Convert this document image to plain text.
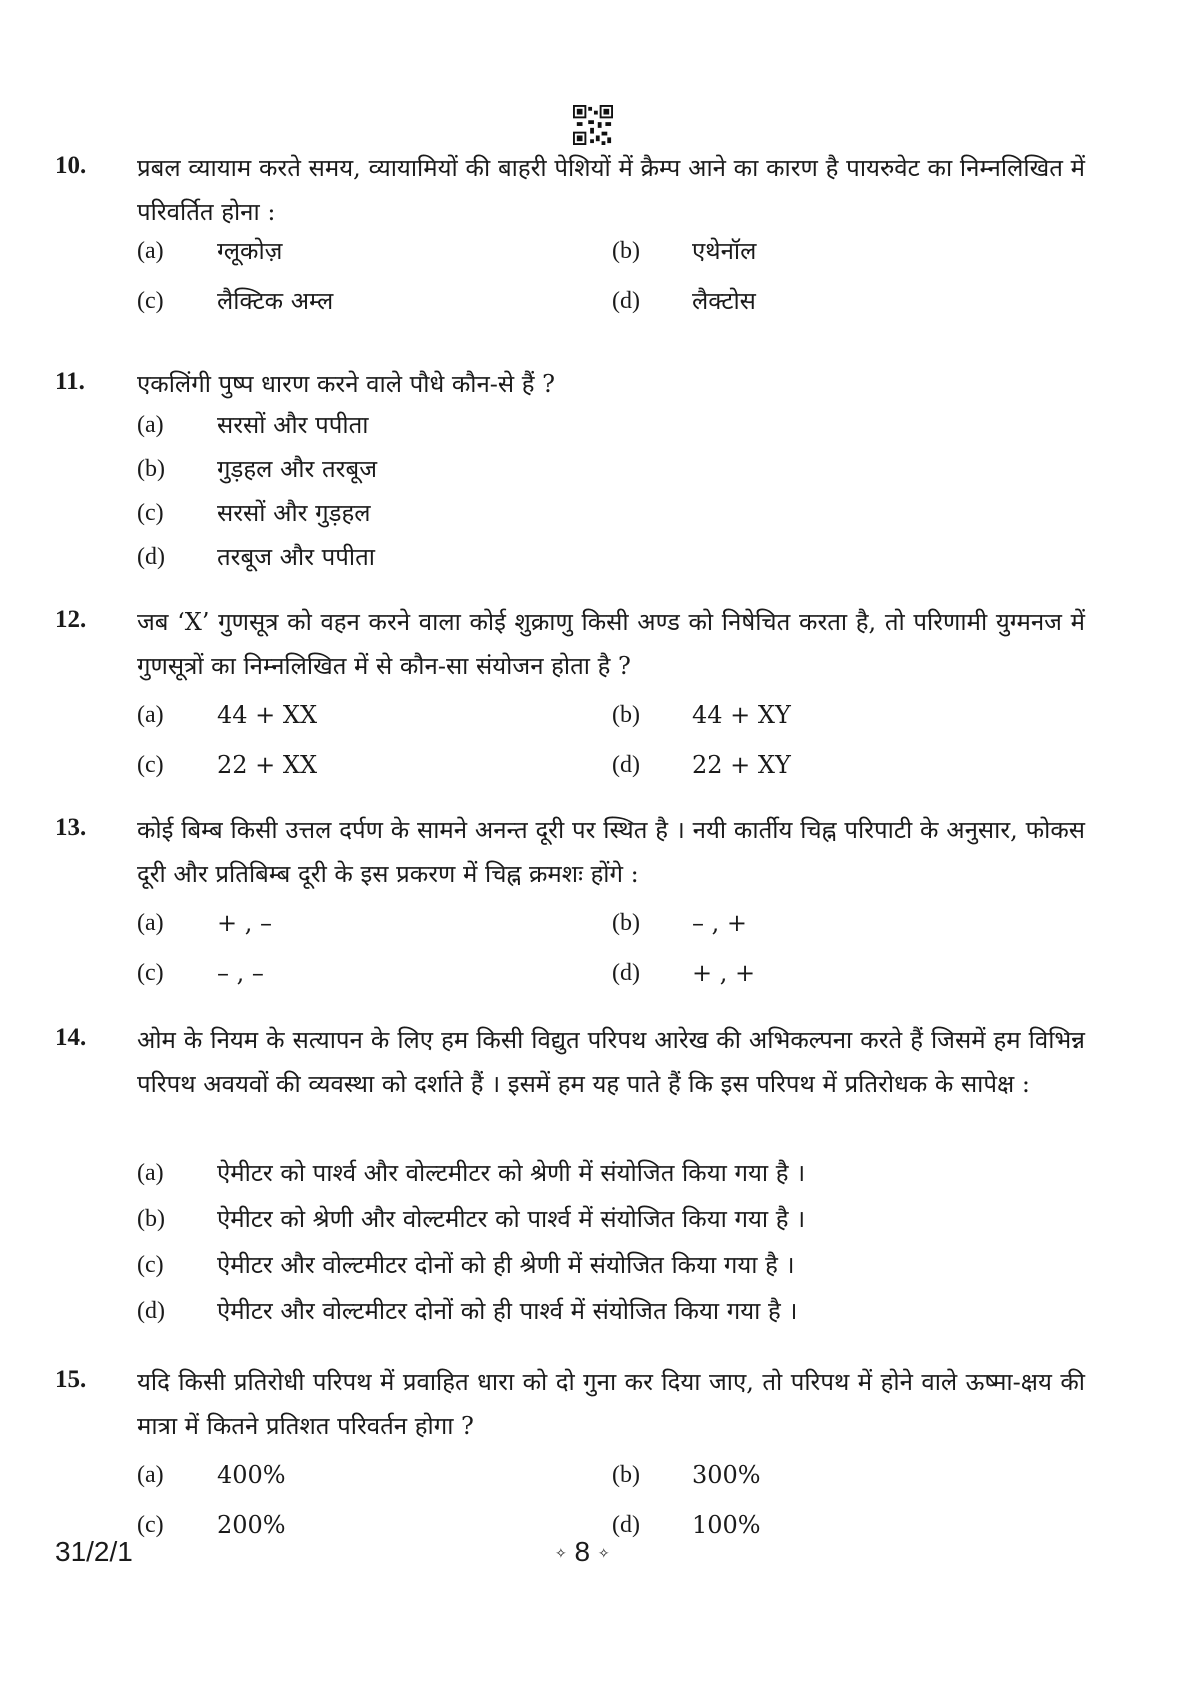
10. प्रबल व्यायाम करते समय, व्यायामियों की बाहरी पेशियों में क्रैम्प आने का कारण है पायरुवेट का निम्नलिखित में परिवर्तित होना :
(a) ग्लूकोज़	(b) एथेनॉल
(c) लैक्टिक अम्ल	(d) लैक्टोस
11. एकलिंगी पुष्प धारण करने वाले पौधे कौन-से हैं ?
(a) सरसों और पपीता
(b) गुड़हल और तरबूज
(c) सरसों और गुड़हल
(d) तरबूज और पपीता
12. जब ‘X’ गुणसूत्र को वहन करने वाला कोई शुक्राणु किसी अण्ड को निषेचित करता है, तो परिणामी युग्मनज में गुणसूत्रों का निम्नलिखित में से कौन-सा संयोजन होता है ?
(a) 44 + XX	(b) 44 + XY
(c) 22 + XX	(d) 22 + XY
13. कोई बिम्ब किसी उत्तल दर्पण के सामने अनन्त दूरी पर स्थित है । नयी कार्तीय चिह्न परिपाटी के अनुसार, फोकस दूरी और प्रतिबिम्ब दूरी के इस प्रकरण में चिह्न क्रमशः होंगे :
(a) + , –	(b) – , +
(c) – , –	(d) + , +
14. ओम के नियम के सत्यापन के लिए हम किसी विद्युत परिपथ आरेख की अभिकल्पना करते हैं जिसमें हम विभिन्न परिपथ अवयवों की व्यवस्था को दर्शाते हैं । इसमें हम यह पाते हैं कि इस परिपथ में प्रतिरोधक के सापेक्ष :
(a) ऐमीटर को पार्श्व और वोल्टमीटर को श्रेणी में संयोजित किया गया है ।
(b) ऐमीटर को श्रेणी और वोल्टमीटर को पार्श्व में संयोजित किया गया है ।
(c) ऐमीटर और वोल्टमीटर दोनों को ही श्रेणी में संयोजित किया गया है ।
(d) ऐमीटर और वोल्टमीटर दोनों को ही पार्श्व में संयोजित किया गया है ।
15. यदि किसी प्रतिरोधी परिपथ में प्रवाहित धारा को दो गुना कर दिया जाए, तो परिपथ में होने वाले ऊष्मा-क्षय की मात्रा में कितने प्रतिशत परिवर्तन होगा ?
(a) 400%	(b) 300%
(c) 200%	(d) 100%
31/2/1	✧ 8 ✧
